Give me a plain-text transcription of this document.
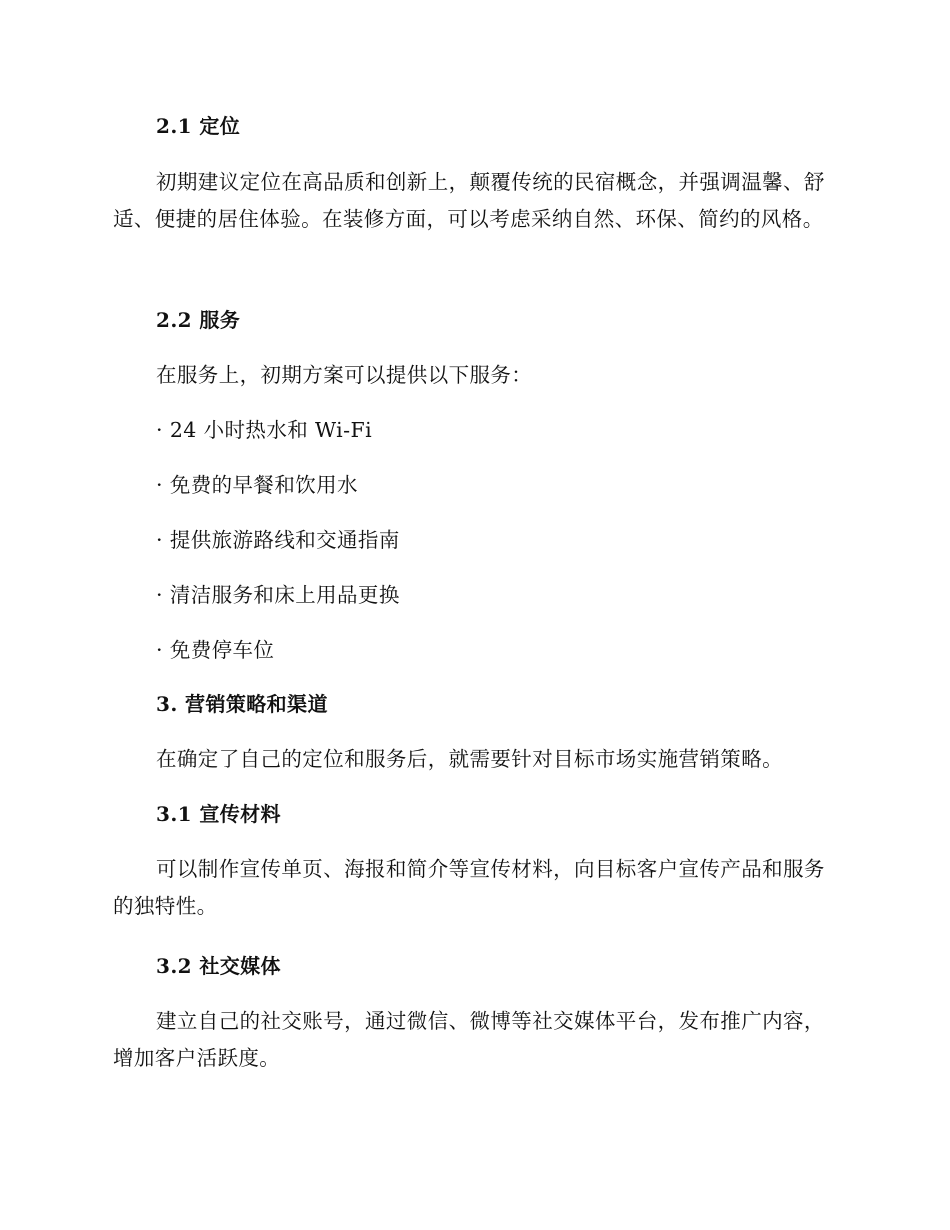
2.1 定位

初期建议定位在高品质和创新上，颠覆传统的民宿概念，并强调温馨、舒适、便捷的居住体验。在装修方面，可以考虑采纳自然、环保、简约的风格。

2.2 服务

在服务上，初期方案可以提供以下服务：

· 24 小时热水和 Wi-Fi

· 免费的早餐和饮用水

· 提供旅游路线和交通指南

· 清洁服务和床上用品更换

· 免费停车位

3. 营销策略和渠道

在确定了自己的定位和服务后，就需要针对目标市场实施营销策略。

3.1 宣传材料

可以制作宣传单页、海报和简介等宣传材料，向目标客户宣传产品和服务的独特性。

3.2 社交媒体

建立自己的社交账号，通过微信、微博等社交媒体平台，发布推广内容，增加客户活跃度。
